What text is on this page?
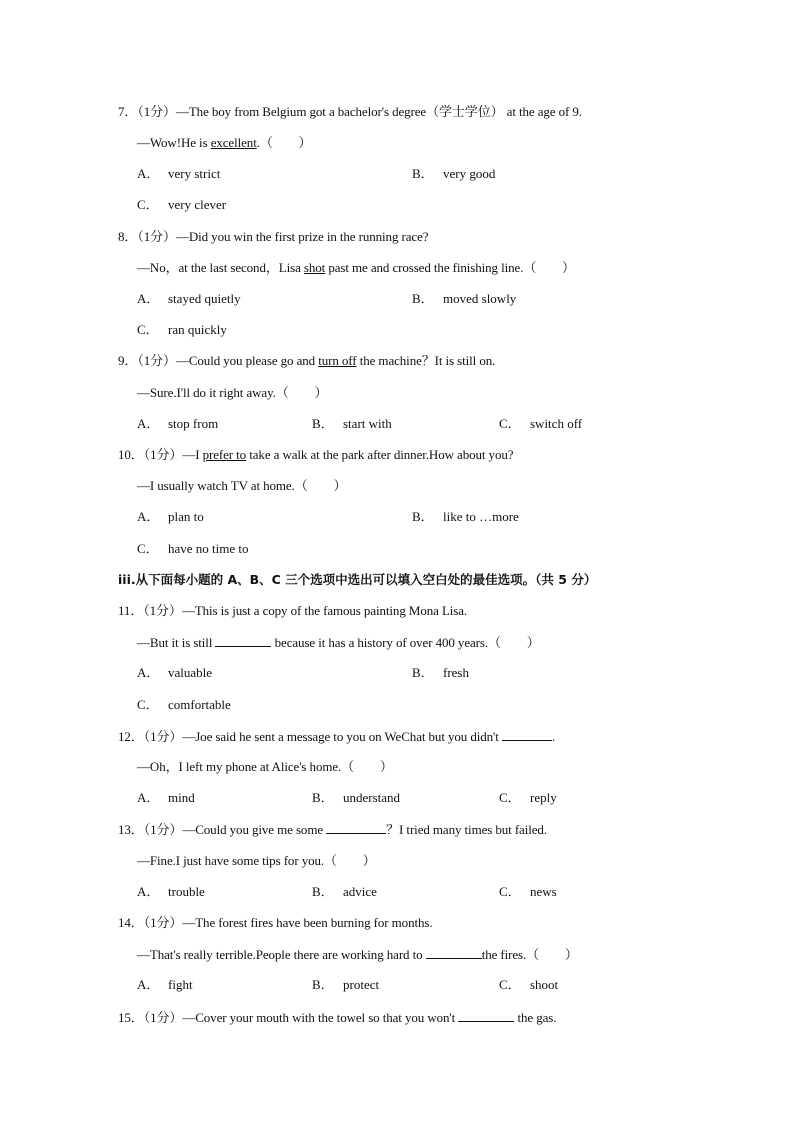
7．（1分）—The boy from Belgium got a bachelor's degree（学士学位） at the age of 9.
—Wow!He is excellent.（　　）
A． very strict	B． very good
C． very clever
8．（1分）—Did you win the first prize in the running race?
—No，at the last second，Lisa shot past me and crossed the finishing line.（　　）
A． stayed quietly	B． moved slowly
C． ran quickly
9．（1分）—Could you please go and turn off the machine？It is still on.
—Sure.I'll do it right away.（　　）
A． stop from	B． start with	C． switch off
10．（1分）—I prefer to take a walk at the park after dinner.How about you?
—I usually watch TV at home.（　　）
A． plan to	B． like to …more
C． have no time to
iii.从下面每小题的 A、B、C 三个选项中选出可以填入空白处的最佳选项。（共 5 分）
11．（1分）—This is just a copy of the famous painting Mona Lisa.
—But it is still	because it has a history of over 400 years.（　　）
A． valuable	B． fresh
C． comfortable
12．（1分）—Joe said he sent a message to you on WeChat but you didn't	.
—Oh，I left my phone at Alice's home.（　　）
A． mind	B． understand	C． reply
13．（1分）—Could you give me some	？I tried many times but failed.
—Fine.I just have some tips for you.（　　）
A． trouble	B． advice	C． news
14．（1分）—The forest fires have been burning for months.
—That's really terrible.People there are working hard to	the fires.（　　）
A． fight	B． protect	C． shoot
15．（1分）—Cover your mouth with the towel so that you won't	the gas.
